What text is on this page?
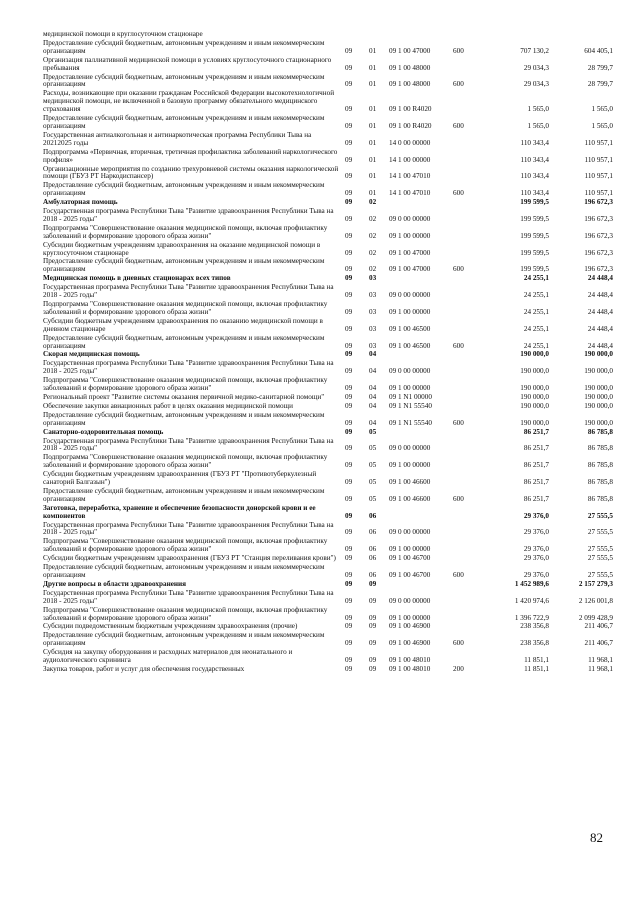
медицинской помощи в круглосуточном стационаре						
Предоставление субсидий бюджетным, автономным учреждениям и иным некоммерческим организациям	09	01	09 1 00 47000	600	707 130,2	604 405,1
Организация паллиативной медицинской помощи в условиях круглосуточного стационарного пребывания	09	01	09 1 00 48000		29 034,3	28 799,7
Предоставление субсидий бюджетным, автономным учреждениям и иным некоммерческим организациям	09	01	09 1 00 48000	600	29 034,3	28 799,7
Расходы, возникающие при оказании гражданам Российской Федерации высокотехнологичной медицинской помощи, не включенной в базовую программу обязательного медицинского страхования	09	01	09 1 00 R4020		1 565,0	1 565,0
Предоставление субсидий бюджетным, автономным учреждениям и иным некоммерческим организациям	09	01	09 1 00 R4020	600	1 565,0	1 565,0
Государственная антиалкогольная и антинаркотическая программа Республики Тыва на 20212025 годы	09	01	14 0 00 00000		110 343,4	110 957,1
Подпрограмма «Первичная, вторичная, третичная профилактика заболеваний наркологического профиля»	09	01	14 1 00 00000		110 343,4	110 957,1
Организационные мероприятия по созданию трехуровневой системы оказания наркологической помощи (ГБУЗ РТ Наркодиспансер)	09	01	14 1 00 47010		110 343,4	110 957,1
Предоставление субсидий бюджетным, автономным учреждениям и иным некоммерческим организациям	09	01	14 1 00 47010	600	110 343,4	110 957,1
Амбулаторная помощь	09	02			199 599,5	196 672,3
Государственная программа Республики Тыва "Развитие здравоохранения Республики Тыва на 2018 - 2025 годы"	09	02	09 0 00 00000		199 599,5	196 672,3
Подпрограмма "Совершенствование оказания медицинской помощи, включая профилактику заболеваний и формирование здорового образа жизни"	09	02	09 1 00 00000		199 599,5	196 672,3
Субсидии бюджетным учреждениям здравоохранения на оказание медицинской помощи в круглосуточном стационаре	09	02	09 1 00 47000		199 599,5	196 672,3
Предоставление субсидий бюджетным, автономным учреждениям и иным некоммерческим организациям	09	02	09 1 00 47000	600	199 599,5	196 672,3
Медицинская помощь в дневных стационарах всех типов	09	03			24 255,1	24 448,4
Государственная программа Республики Тыва "Развитие здравоохранения Республики Тыва на 2018 - 2025 годы"	09	03	09 0 00 00000		24 255,1	24 448,4
Подпрограмма "Совершенствование оказания медицинской помощи, включая профилактику заболеваний и формирование здорового образа жизни"	09	03	09 1 00 00000		24 255,1	24 448,4
Субсидии бюджетным учреждениям здравоохранения по оказанию медицинской помощи в дневном стационаре	09	03	09 1 00 46500		24 255,1	24 448,4
Предоставление субсидий бюджетным, автономным учреждениям и иным некоммерческим организациям	09	03	09 1 00 46500	600	24 255,1	24 448,4
Скорая медицинская помощь	09	04			190 000,0	190 000,0
Государственная программа Республики Тыва "Развитие здравоохранения Республики Тыва на 2018 - 2025 годы"	09	04	09 0 00 00000		190 000,0	190 000,0
Подпрограмма "Совершенствование оказания медицинской помощи, включая профилактику заболеваний и формирование здорового образа жизни"	09	04	09 1 00 00000		190 000,0	190 000,0
Региональный проект "Развитие системы оказания первичной медико-санитарной помощи"	09	04	09 1 N1 00000		190 000,0	190 000,0
Обеспечение закупки авиационных работ в целях оказания медицинской помощи	09	04	09 1 N1 55540		190 000,0	190 000,0
Предоставление субсидий бюджетным, автономным учреждениям и иным некоммерческим организациям	09	04	09 1 N1 55540	600	190 000,0	190 000,0
Санаторно-оздоровительная помощь	09	05			86 251,7	86 785,8
Государственная программа Республики Тыва "Развитие здравоохранения Республики Тыва на 2018 - 2025 годы"	09	05	09 0 00 00000		86 251,7	86 785,8
Подпрограмма "Совершенствование оказания медицинской помощи, включая профилактику заболеваний и формирование здорового образа жизни"	09	05	09 1 00 00000		86 251,7	86 785,8
Субсидии бюджетным учреждениям здравоохранения (ГБУЗ РТ "Противотуберкулезный санаторий Балгазын")	09	05	09 1 00 46600		86 251,7	86 785,8
Предоставление субсидий бюджетным, автономным учреждениям и иным некоммерческим организациям	09	05	09 1 00 46600	600	86 251,7	86 785,8
Заготовка, переработка, хранение и обеспечение безопасности донорской крови и ее компонентов	09	06			29 376,0	27 555,5
Государственная программа Республики Тыва "Развитие здравоохранения Республики Тыва на 2018 - 2025 годы"	09	06	09 0 00 00000		29 376,0	27 555,5
Подпрограмма "Совершенствование оказания медицинской помощи, включая профилактику заболеваний и формирование здорового образа жизни"	09	06	09 1 00 00000		29 376,0	27 555,5
Субсидии бюджетным учреждениям здравоохранения (ГБУЗ РТ "Станция переливания крови")	09	06	09 1 00 46700		29 376,0	27 555,5
Предоставление субсидий бюджетным, автономным учреждениям и иным некоммерческим организациям	09	06	09 1 00 46700	600	29 376,0	27 555,5
Другие вопросы в области здравоохранения	09	09			1 452 989,6	2 157 279,3
Государственная программа Республики Тыва "Развитие здравоохранения Республики Тыва на 2018 - 2025 годы"	09	09	09 0 00 00000		1 420 974,6	2 126 001,8
Подпрограмма "Совершенствование оказания медицинской помощи, включая профилактику заболеваний и формирование здорового образа жизни"	09	09	09 1 00 00000		1 396 722,9	2 099 428,9
Субсидии подведомственным бюджетным учреждениям здравоохранения (прочие)	09	09	09 1 00 46900		238 356,8	211 406,7
Предоставление субсидий бюджетным, автономным учреждениям и иным некоммерческим организациям	09	09	09 1 00 46900	600	238 356,8	211 406,7
Субсидия на закупку оборудования и расходных материалов для неонатального и аудиологического скрининга	09	09	09 1 00 48010		11 851,1	11 968,1
Закупка товаров, работ и услуг для обеспечения государственных	09	09	09 1 00 48010	200	11 851,1	11 968,1
82
